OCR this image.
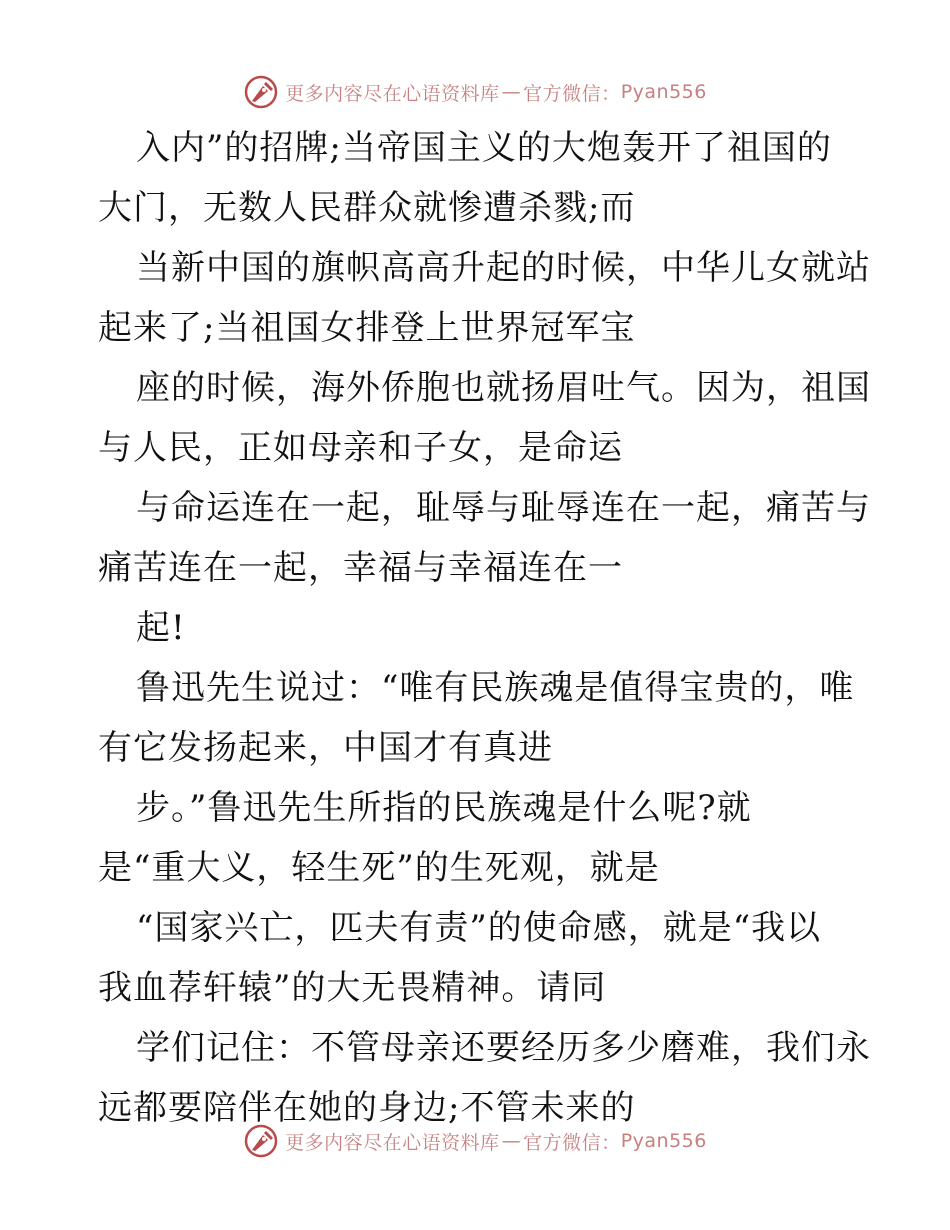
更多内容尽在心语资料库 — 官方微信： Pyan556
入内”的招牌;当帝国主义的大炮轰开了祖国的
大门，无数人民群众就惨遭杀戮;而
当新中国的旗帜高高升起的时候，中华儿女就站
起来了;当祖国女排登上世界冠军宝
座的时候，海外侨胞也就扬眉吐气。因为，祖国
与人民，正如母亲和子女，是命运
与命运连在一起，耻辱与耻辱连在一起，痛苦与
痛苦连在一起，幸福与幸福连在一
起!
鲁迅先生说过：“唯有民族魂是值得宝贵的，唯
有它发扬起来，中国才有真进
步。”鲁迅先生所指的民族魂是什么呢?就
是“重大义，轻生死”的生死观，就是
“国家兴亡，匹夫有责”的使命感，就是“我以
我血荐轩辕”的大无畏精神。请同
学们记住：不管母亲还要经历多少磨难，我们永
远都要陪伴在她的身边;不管未来的
更多内容尽在心语资料库 — 官方微信： Pyan556
